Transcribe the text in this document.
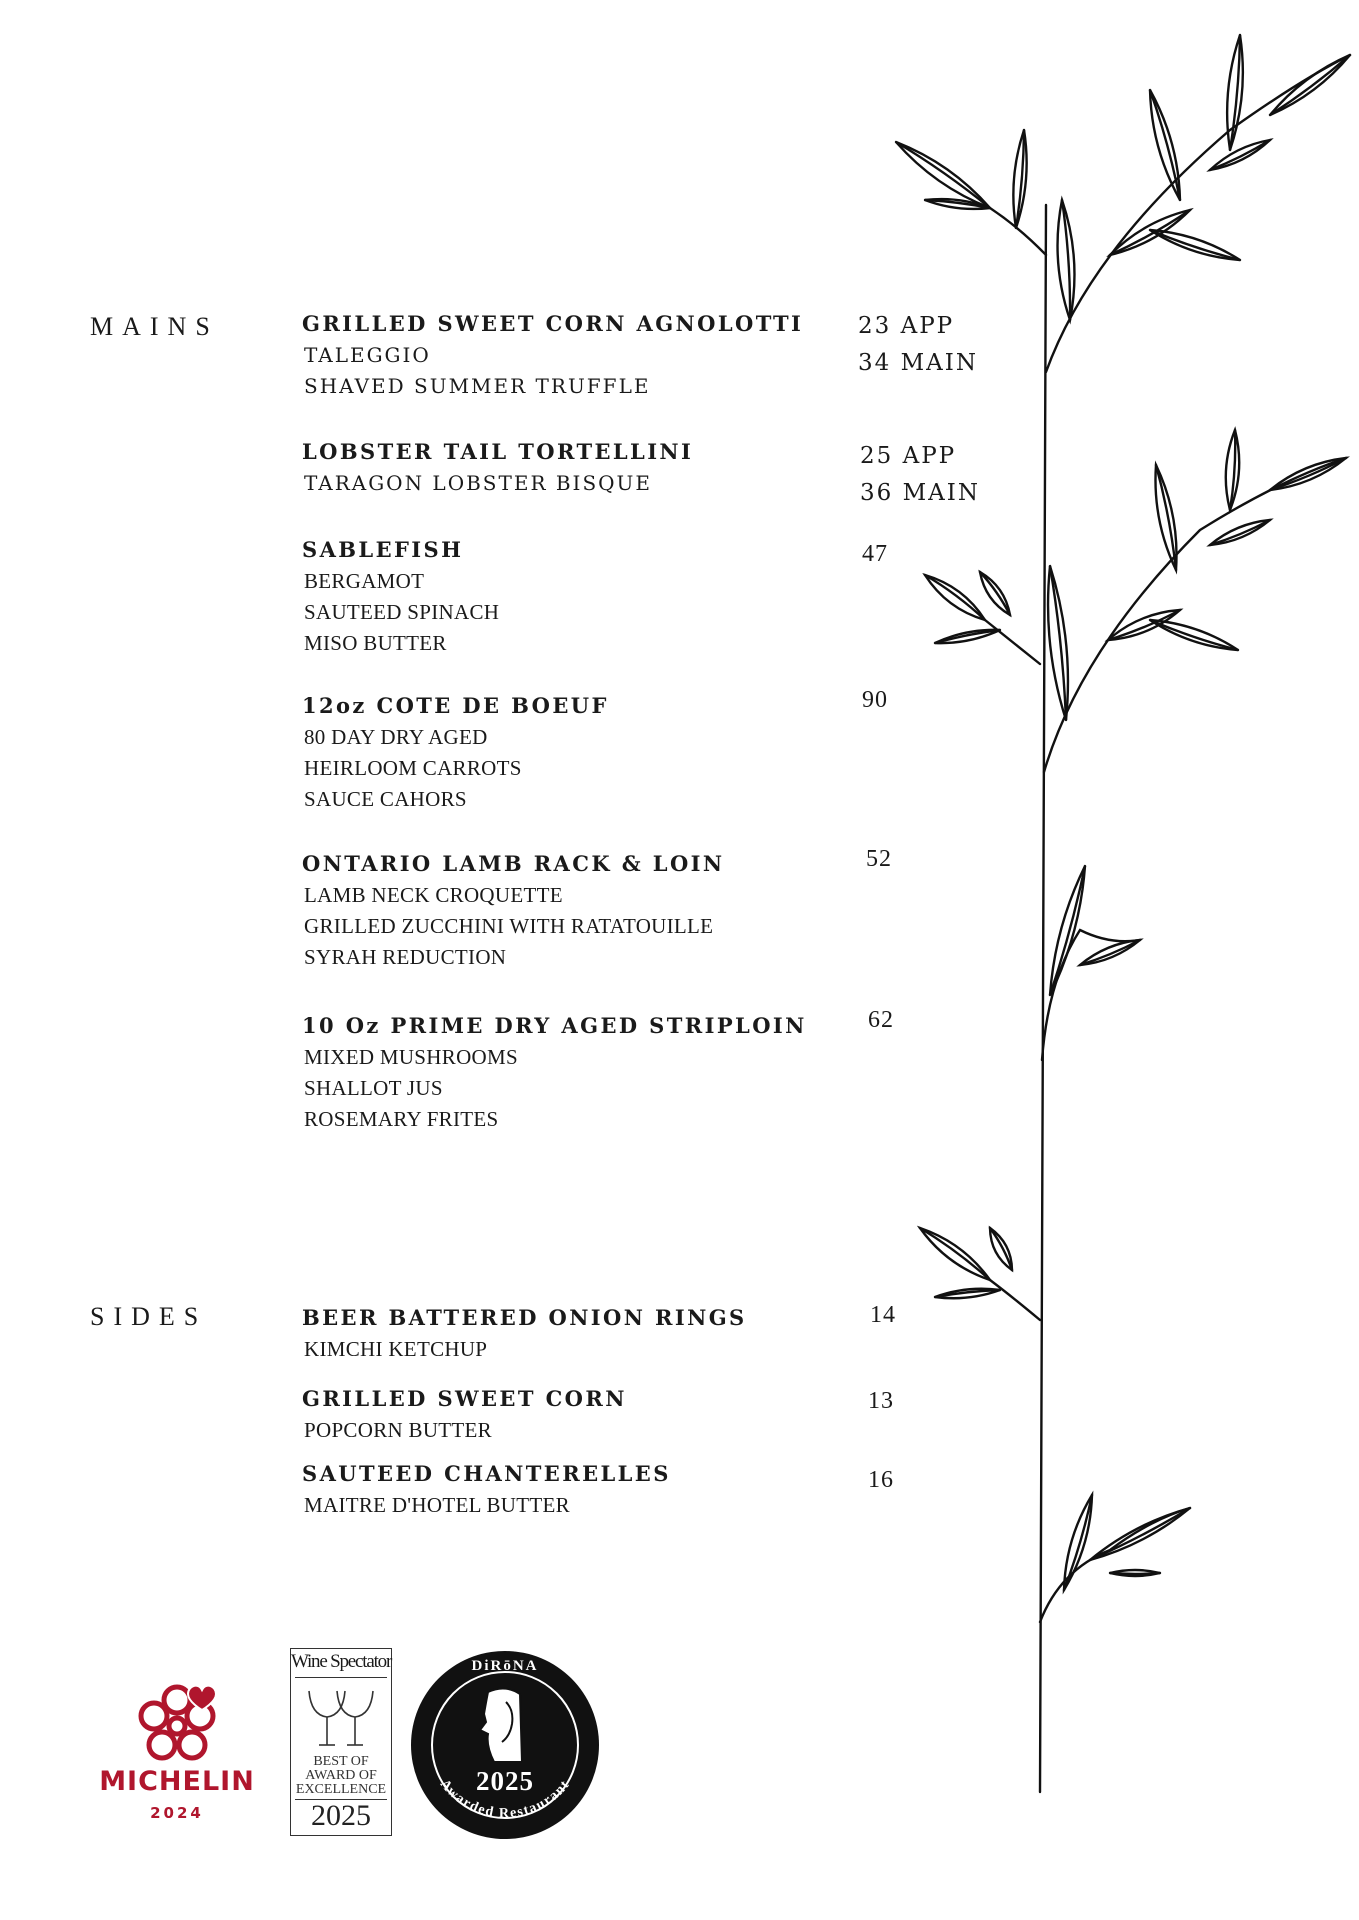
MAINS
SIDES
GRILLED SWEET CORN AGNOLOTTI
TALEGGIO
SHAVED SUMMER TRUFFLE
LOBSTER TAIL TORTELLINI
TARAGON LOBSTER BISQUE
SABLEFISH
BERGAMOT
SAUTEED SPINACH
MISO BUTTER
12oz COTE DE BOEUF
80 DAY DRY AGED
HEIRLOOM CARROTS
SAUCE CAHORS
ONTARIO LAMB RACK & LOIN
LAMB NECK CROQUETTE
GRILLED ZUCCHINI WITH RATATOUILLE
SYRAH REDUCTION
10 Oz PRIME DRY AGED STRIPLOIN
MIXED MUSHROOMS
SHALLOT JUS
ROSEMARY FRITES
BEER BATTERED ONION RINGS
KIMCHI KETCHUP
GRILLED SWEET CORN
POPCORN BUTTER
SAUTEED CHANTERELLES
MAITRE D'HOTEL BUTTER
MICHELIN
2024
Wine Spectator
BEST OF
AWARD OF
EXCELLENCE
2025
Awarded Restaurant
DiRōNA
2025
23 APP
34 MAIN
25 APP
36 MAIN
47
90
52
62
14
13
16
